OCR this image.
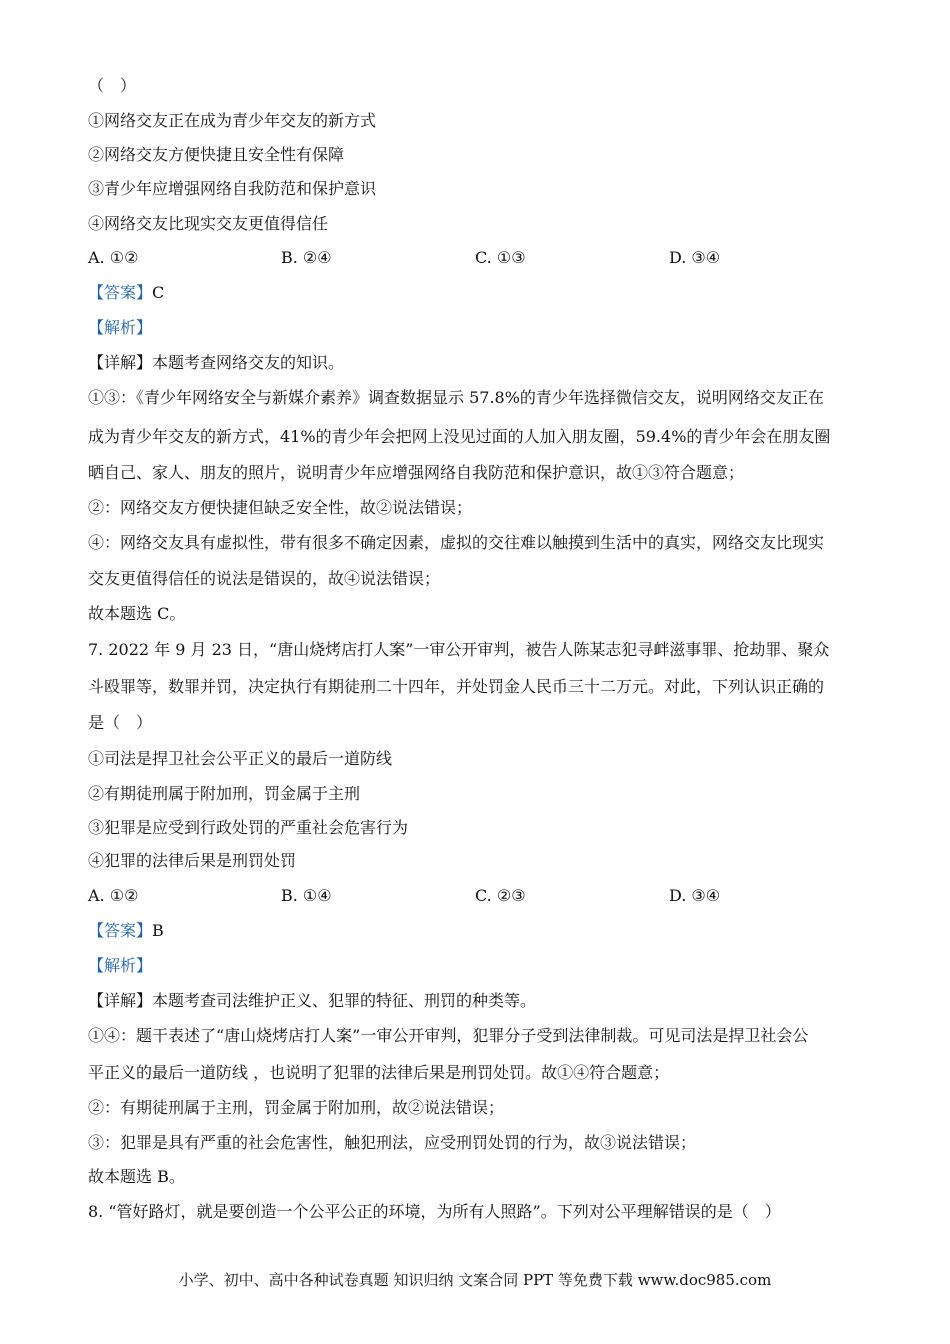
（　）
①网络交友正在成为青少年交友的新方式
②网络交友方便快捷且安全性有保障
③青少年应增强网络自我防范和保护意识
④网络交友比现实交友更值得信任
A. ①②	B. ②④	C. ①③	D. ③④
【答案】C
【解析】
【详解】本题考查网络交友的知识。
①③：《青少年网络安全与新媒介素养》调查数据显示 57.8%的青少年选择微信交友，说明网络交友正在
成为青少年交友的新方式，41%的青少年会把网上没见过面的人加入朋友圈，59.4%的青少年会在朋友圈
晒自己、家人、朋友的照片，说明青少年应增强网络自我防范和保护意识，故①③符合题意；
②：网络交友方便快捷但缺乏安全性，故②说法错误；
④：网络交友具有虚拟性，带有很多不确定因素，虚拟的交往难以触摸到生活中的真实，网络交友比现实
交友更值得信任的说法是错误的，故④说法错误；
故本题选 C。
7. 2022 年 9 月 23 日，“唐山烧烤店打人案”一审公开审判，被告人陈某志犯寻衅滋事罪、抢劫罪、聚众
斗殴罪等，数罪并罚，决定执行有期徒刑二十四年，并处罚金人民币三十二万元。对此，下列认识正确的
是（　）
①司法是捍卫社会公平正义的最后一道防线
②有期徒刑属于附加刑，罚金属于主刑
③犯罪是应受到行政处罚的严重社会危害行为
④犯罪的法律后果是刑罚处罚
A. ①②	B. ①④	C. ②③	D. ③④
【答案】B
【解析】
【详解】本题考查司法维护正义、犯罪的特征、刑罚的种类等。
①④：题干表述了“唐山烧烤店打人案”一审公开审判，犯罪分子受到法律制裁。可见司法是捍卫社会公
平正义的最后一道防线 ，也说明了犯罪的法律后果是刑罚处罚。故①④符合题意；
②：有期徒刑属于主刑，罚金属于附加刑，故②说法错误；
③：犯罪是具有严重的社会危害性，触犯刑法，应受刑罚处罚的行为，故③说法错误；
故本题选 B。
8. “管好路灯，就是要创造一个公平公正的环境，为所有人照路”。下列对公平理解错误的是（　）
小学、初中、高中各种试卷真题 知识归纳 文案合同 PPT 等免费下载 www.doc985.com
